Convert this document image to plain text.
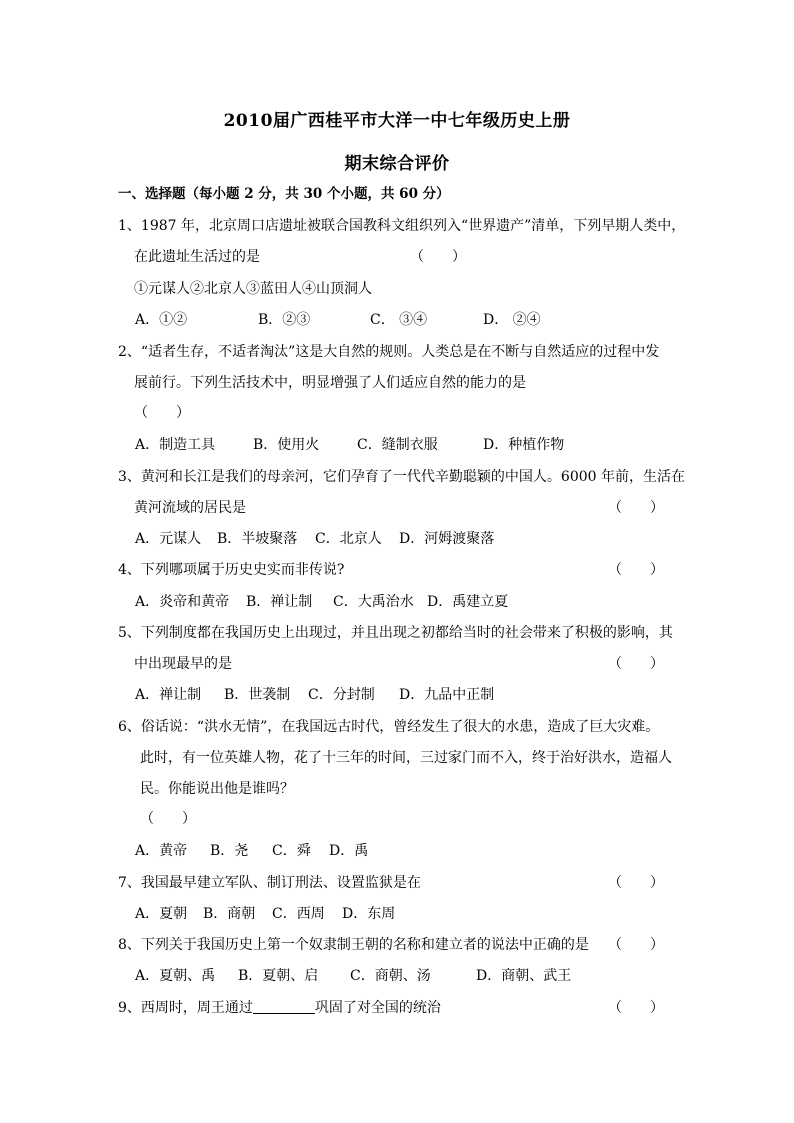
2010届广西桂平市大洋一中七年级历史上册
期末综合评价
一、选择题（每小题 2 分，共 30 个小题，共 60 分）
1、1987 年，北京周口店遗址被联合国教科文组织列入“世界遗产”清单，下列早期人类中，
在此遗址生活过的是	（　　）
①元谋人②北京人③蓝田人④山顶洞人
A．①②	B．②③	C． ③④	D． ②④
2、“适者生存，不适者淘汰”这是大自然的规则。人类总是在不断与自然适应的过程中发
展前行。下列生活技术中，明显增强了人们适应自然的能力的是
（　　）
A．制造工具	B．使用火	C．缝制衣服	D．种植作物
3、黄河和长江是我们的母亲河，它们孕育了一代代辛勤聪颖的中国人。6000 年前，生活在
黄河流域的居民是	（　　）
A．元谋人 B．半坡聚落 C．北京人 D．河姆渡聚落
4、下列哪项属于历史史实而非传说?	（　　）
A．炎帝和黄帝 B．禅让制 C．大禹治水 D．禹建立夏
5、下列制度都在我国历史上出现过，并且出现之初都给当时的社会带来了积极的影响，其
中出现最早的是	（　　）
A．禅让制 B．世袭制 C．分封制 D．九品中正制
6、俗话说：“洪水无情”，在我国远古时代，曾经发生了很大的水患，造成了巨大灾难。
此时，有一位英雄人物，花了十三年的时间，三过家门而不入，终于治好洪水，造福人
民。你能说出他是谁吗？
（　　）
A．黄帝 B．尧 C．舜 D．禹
7、我国最早建立军队、制订刑法、设置监狱是在	（　　）
A．夏朝 B．商朝 C．西周 D．东周
8、下列关于我国历史上第一个奴隶制王朝的名称和建立者的说法中正确的是 （　　）
A．夏朝、禹 B．夏朝、启 C．商朝、汤	D．商朝、武王
9、西周时，周王通过	巩固了对全国的统治	（　　）
